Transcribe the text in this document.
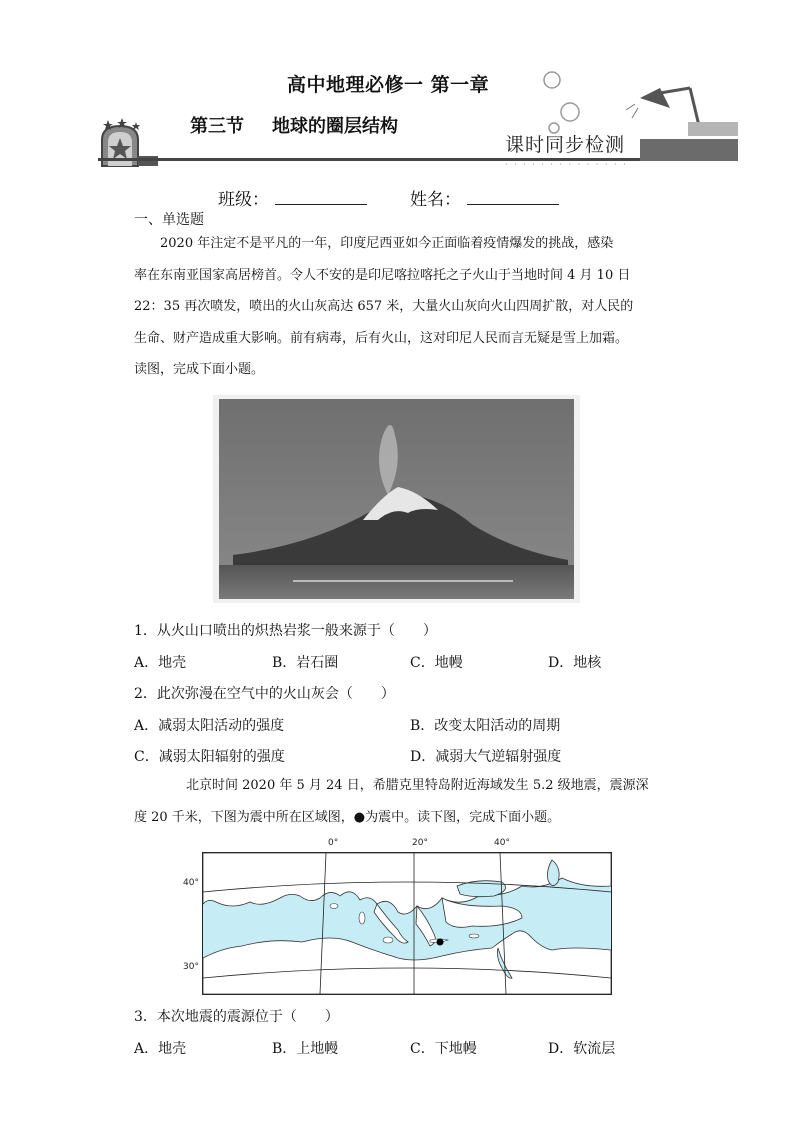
高中地理必修一 第一章
第三节 地球的圈层结构
课时同步检测
· · · · · · · · · · · · · ·
班级：	姓名：
一、单选题

2020 年注定不是平凡的一年，印度尼西亚如今正面临着疫情爆发的挑战，感染

率在东南亚国家高居榜首。令人不安的是印尼喀拉喀托之子火山于当地时间 4 月 10 日

22：35 再次喷发，喷出的火山灰高达 657 米，大量火山灰向火山四周扩散，对人民的

生命、财产造成重大影响。前有病毒，后有火山，这对印尼人民而言无疑是雪上加霜。

读图，完成下面小题。

1．从火山口喷出的炽热岩浆一般来源于（　　）
A．地壳	B．岩石圈	C．地幔	D．地核
2．此次弥漫在空气中的火山灰会（　　）
A．减弱太阳活动的强度	B．改变太阳活动的周期
C．减弱太阳辐射的强度	D．减弱大气逆辐射强度

北京时间 2020 年 5 月 24 日，希腊克里特岛附近海域发生 5.2 级地震，震源深

度 20 千米，下图为震中所在区域图，●为震中。读下图，完成下面小题。

0°	20°	40°
40°
30°
3．本次地震的震源位于（　　）
A．地壳	B．上地幔	C．下地幔	D．软流层
